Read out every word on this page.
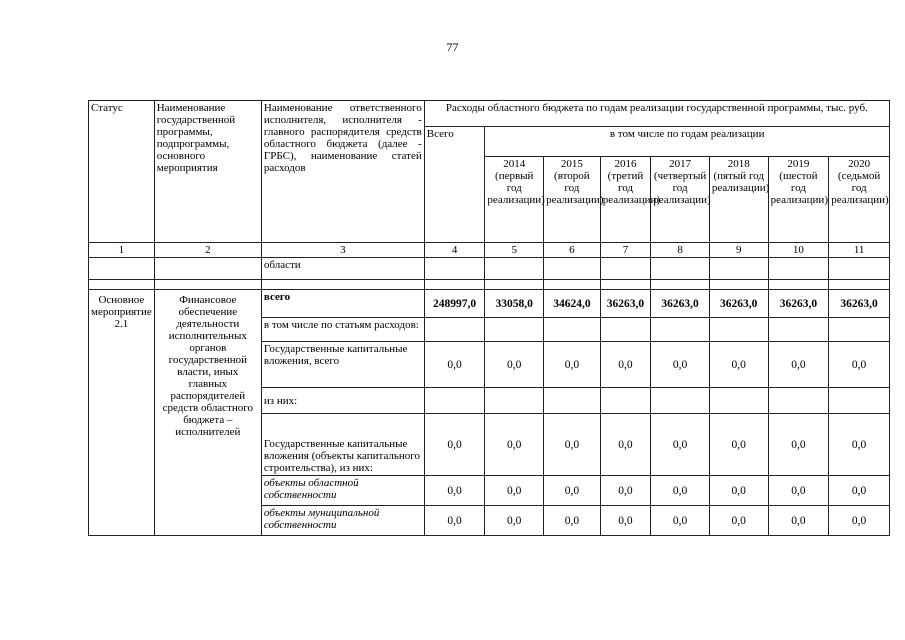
77
Статус	Наименование государственной программы, подпрограммы, основного мероприятия	Наименование ответственного исполнителя, исполнителя - главного распорядителя средств областного бюджета (далее - ГРБС), наименование статей расходов	Расходы областного бюджета по годам реализации государственной программы, тыс. руб.							
			Всего	в том числе по годам реализации						
				2014 (первый год реализации)	2015 (второй год реализации)	2016 (третий год реализации)	2017 (четвертый год реализации)	2018 (пятый год реализации)	2019 (шестой год реализации)	2020 (седьмой год реализации)
1	2	3	4	5	6	7	8	9	10	11
		области								

Основное мероприятие 2.1	Финансовое обеспечение деятельности исполнительных органов государственной власти, иных главных распорядителей средств областного бюджета – исполнителей	всего	248997,0	33058,0	34624,0	36263,0	36263,0	36263,0	36263,0	36263,0
		в том числе по статьям расходов:								
		Государственные капитальные вложения, всего	0,0	0,0	0,0	0,0	0,0	0,0	0,0	0,0
		из них:								
		Государственные капитальные вложения (объекты капитального строительства), из них:	0,0	0,0	0,0	0,0	0,0	0,0	0,0	0,0
		объекты областной собственности	0,0	0,0	0,0	0,0	0,0	0,0	0,0	0,0
		объекты муниципальной собственности	0,0	0,0	0,0	0,0	0,0	0,0	0,0	0,0
